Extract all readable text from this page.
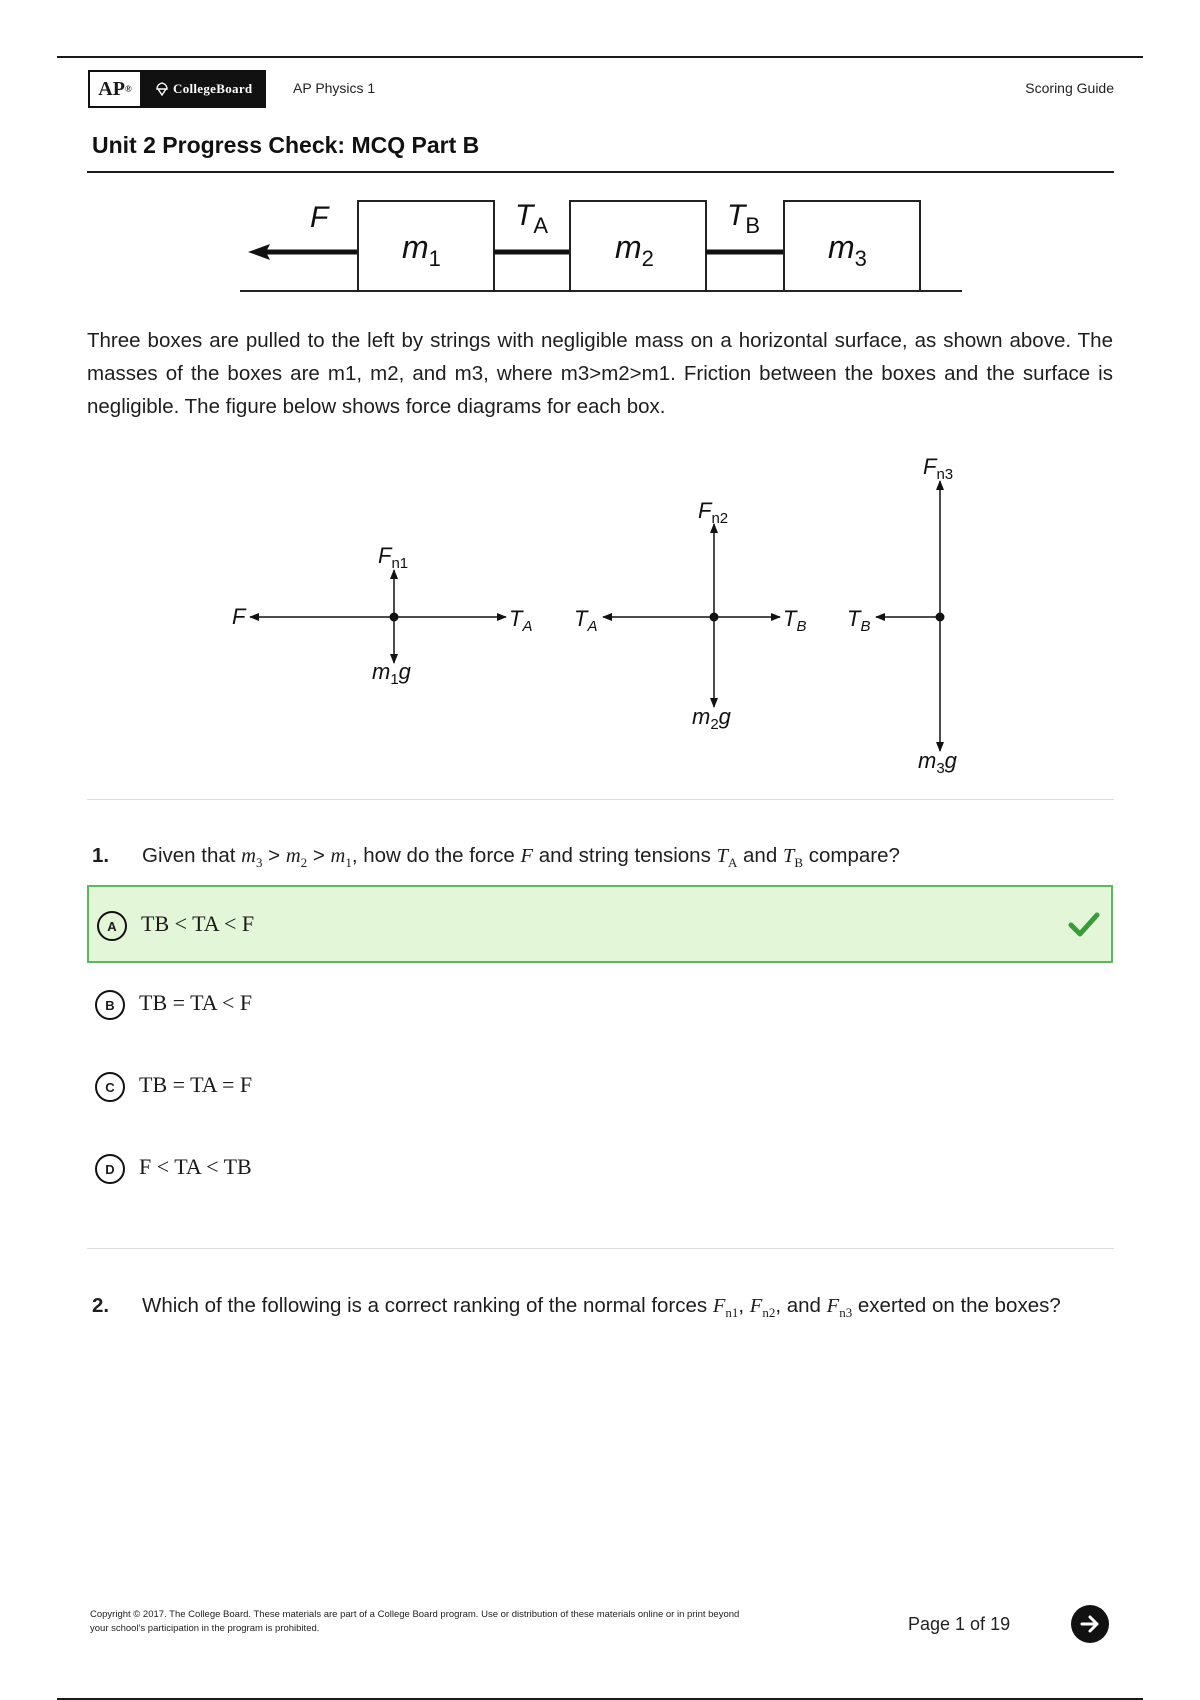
AP ®	CollegeBoard	AP Physics 1	Scoring Guide
Unit 2 Progress Check: MCQ Part B
F
$m_1$
$T_A$
$m_2$
$T_B$
$m_3$
Three boxes are pulled to the left by strings with negligible mass on a horizontal surface, as shown above. The masses of the boxes are m1, m2, and m3, where m3>m2>m1. Friction between the boxes and the surface is negligible. The figure below shows force diagrams for each box.
F	$T_A$
$F_{n1}$
$m_1g$
$T_A$	$T_B$
$F_{n2}$
$m_2g$
$T_B$
$F_{n3}$
$m_3g$
1. Given that $m_3 > m_2 > m_1$, how do the force F and string tensions $T_A$ and $T_B$ compare?
A	TB < TA < F
B	TB = TA < F
C	TB = TA = F
D	F < TA < TB
2. Which of the following is a correct ranking of the normal forces $F_{n1}$, $F_{n2}$, and $F_{n3}$ exerted on the boxes?
Copyright © 2017. The College Board. These materials are part of a College Board program. Use or distribution of these materials online or in print beyond your school's participation in the program is prohibited.	Page 1 of 19
